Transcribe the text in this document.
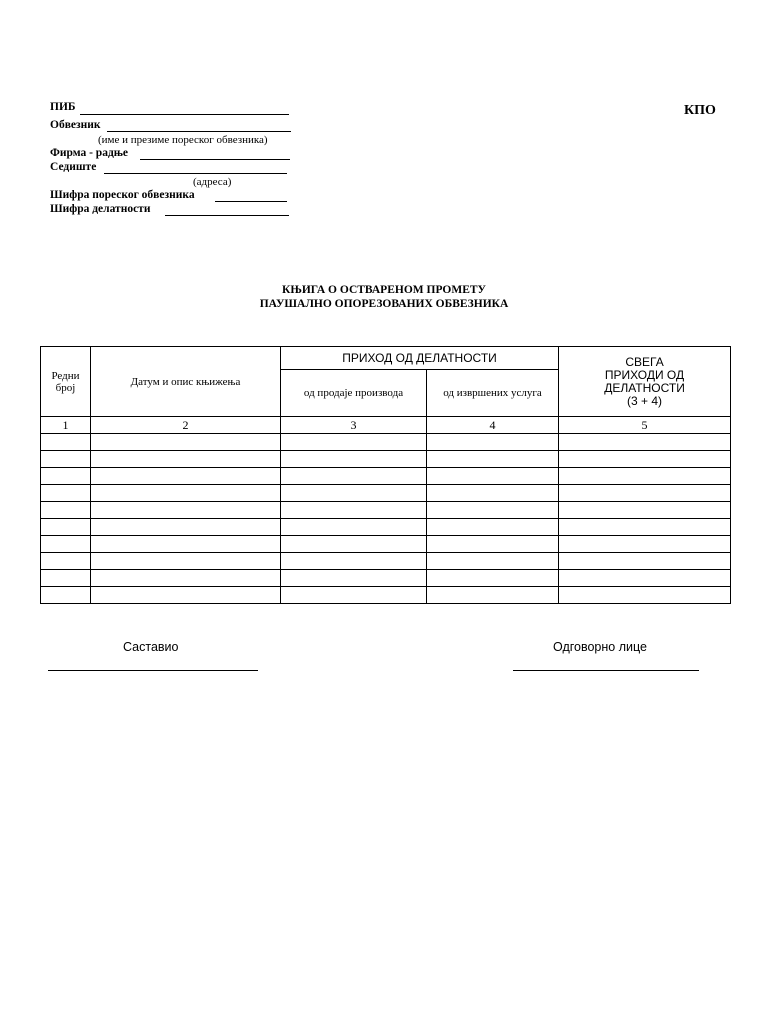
ПИБ
Обвезник
(име и презиме пореског обвезника)
Фирма - радње
Седиште
(адреса)
Шифра пореског обвезника
Шифра делатности
КПО
КЊИГА О ОСТВАРЕНОМ ПРОМЕТУ
ПАУШАЛНО ОПОРЕЗОВАНИХ ОБВЕЗНИКА
Редни број	Датум и опис књижења	ПРИХОД ОД ДЕЛАТНОСТИ		СВЕГА
ПРИХОДИ ОД
ДЕЛАТНОСТИ
(3 + 4)

		од продаје производа	од извршених услуга	
1	2	3	4	5

Саставио	Одговорно лице
